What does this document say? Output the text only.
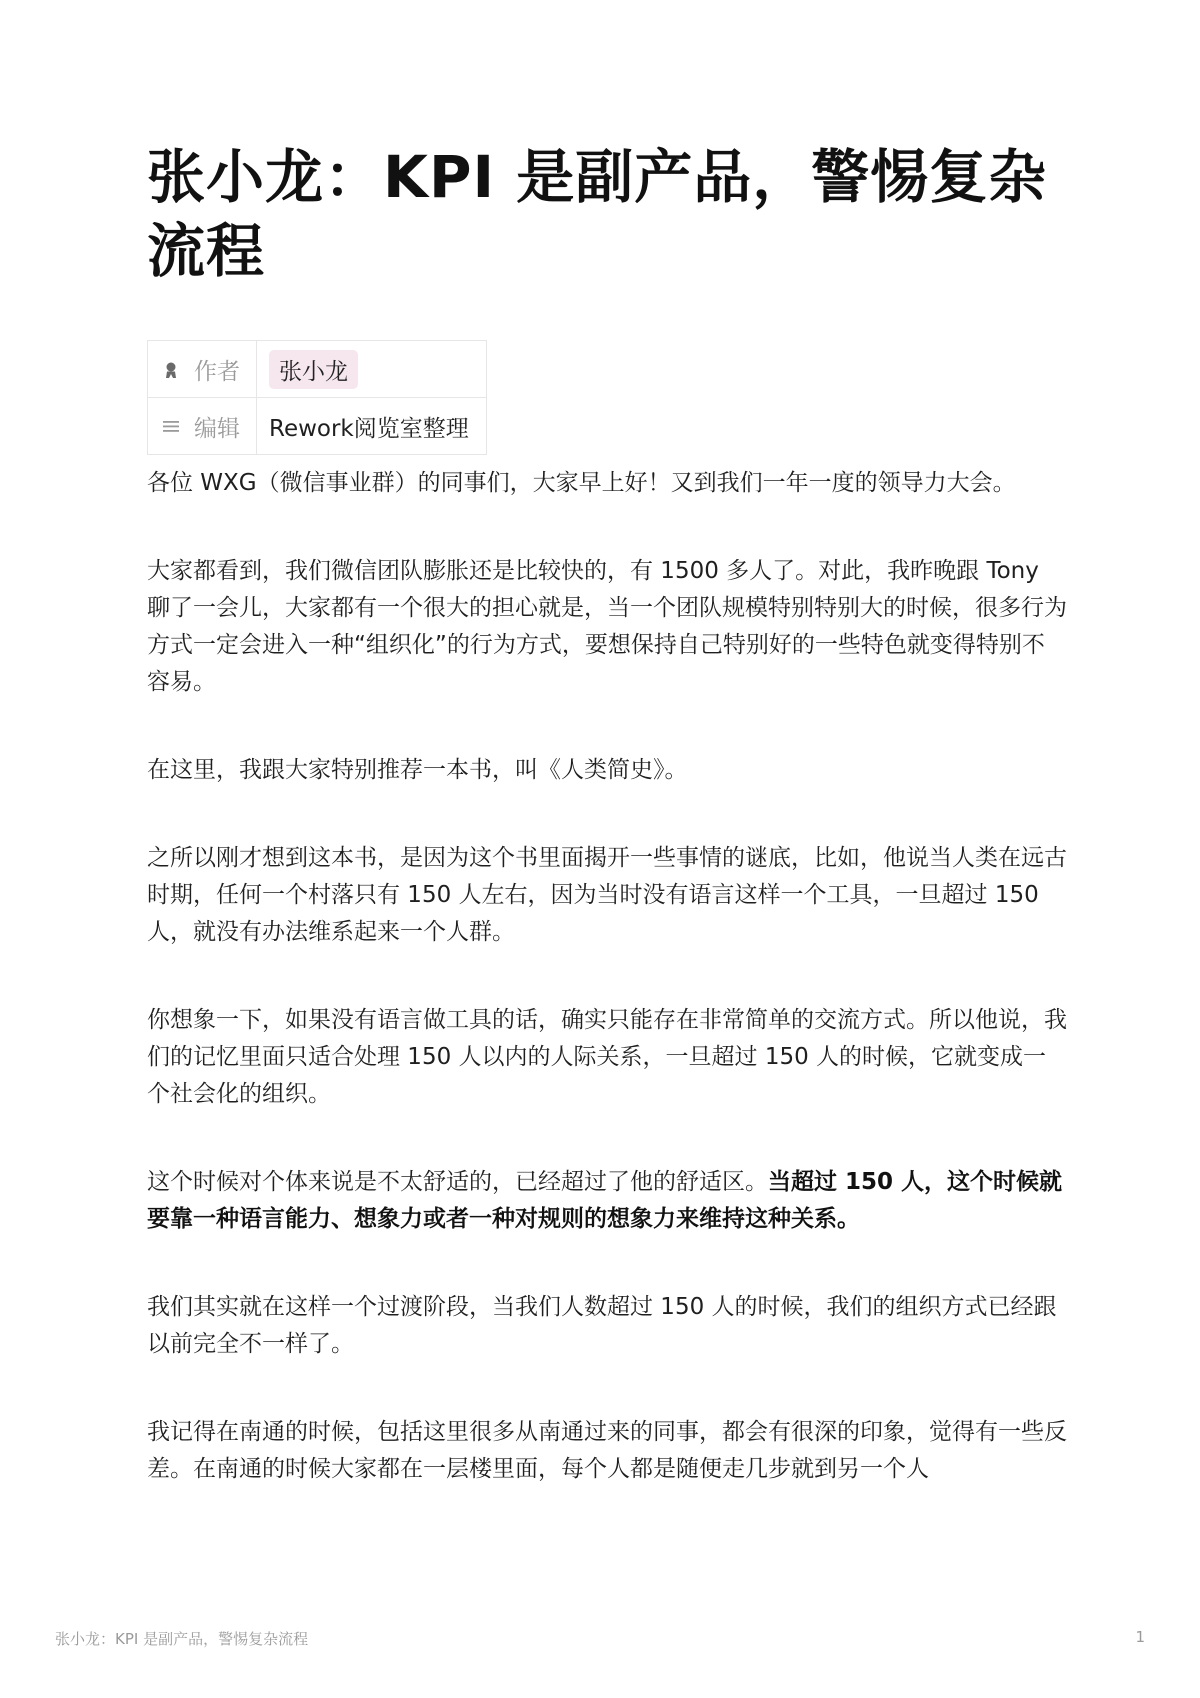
张小龙：KPI 是副产品，警惕复杂流程
作者	张小龙

编辑	Rework阅览室整理

各位 WXG（微信事业群）的同事们，大家早上好！又到我们一年一度的领导力大会。

大家都看到，我们微信团队膨胀还是比较快的，有 1500 多人了。对此，我昨晚跟 Tony 聊了一会儿，大家都有一个很大的担心就是，当一个团队规模特别特别大的时候，很多行为方式一定会进入一种“组织化”的行为方式，要想保持自己特别好的一些特色就变得特别不容易。

在这里，我跟大家特别推荐一本书，叫《人类简史》。

之所以刚才想到这本书，是因为这个书里面揭开一些事情的谜底，比如，他说当人类在远古时期，任何一个村落只有 150 人左右，因为当时没有语言这样一个工具，一旦超过 150 人，就没有办法维系起来一个人群。

你想象一下，如果没有语言做工具的话，确实只能存在非常简单的交流方式。所以他说，我们的记忆里面只适合处理 150 人以内的人际关系，一旦超过 150 人的时候，它就变成一个社会化的组织。

这个时候对个体来说是不太舒适的，已经超过了他的舒适区。当超过 150 人，这个时候就要靠一种语言能力、想象力或者一种对规则的想象力来维持这种关系。

我们其实就在这样一个过渡阶段，当我们人数超过 150 人的时候，我们的组织方式已经跟以前完全不一样了。

我记得在南通的时候，包括这里很多从南通过来的同事，都会有很深的印象，觉得有一些反差。在南通的时候大家都在一层楼里面，每个人都是随便走几步就到另一个人

张小龙：KPI 是副产品，警惕复杂流程	1
